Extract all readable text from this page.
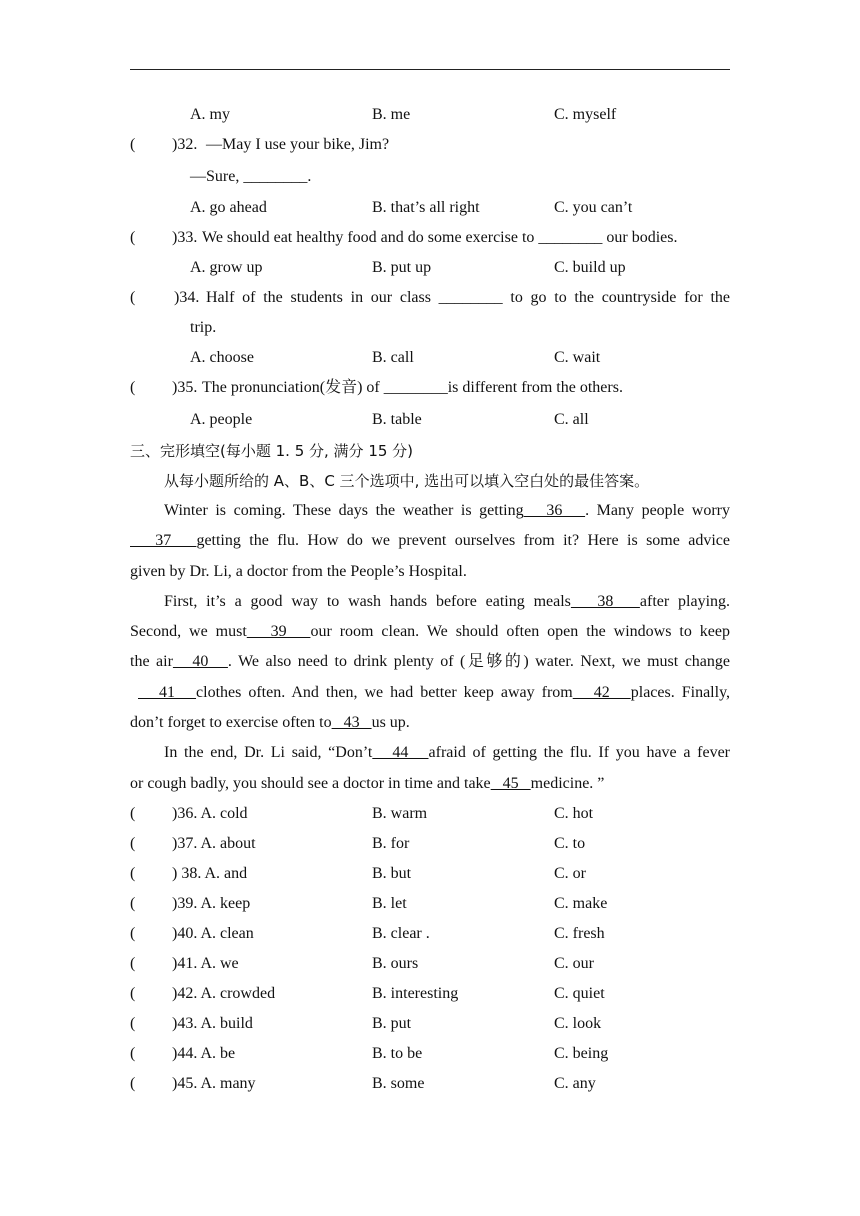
A. my	B. me	C. myself
( )32. —May I use your bike, Jim?
—Sure, ________.
A. go ahead	B. that’s all right	C. you can’t
( )33. We should eat healthy food and do some exercise to ________ our bodies.
A. grow up	B. put up	C. build up
( )34. Half of the students in our class ________ to go to the countryside for the
trip.
A. choose	B. call	C. wait
( )35. The pronunciation(发音) of ________is different from the others.
A. people	B. table	C. all
三、完形填空(每小题 1. 5 分, 满分 15 分)
从每小题所给的 A、B、C 三个选项中, 选出可以填入空白处的最佳答案。
Winter is coming. These days the weather is getting   36   . Many people worry
37   getting the flu. How do we prevent ourselves from it? Here is some advice
given by Dr. Li, a doctor from the People’s Hospital.
First, it’s a good way to wash hands before eating meals   38   after playing.
Second, we must   39   our room clean. We should often open the windows to keep
the air   40   . We also need to drink plenty of (足够的) water. Next, we must change
41   clothes often. And then, we had better keep away from   42   places. Finally,
don’t forget to exercise often to   43   us up.
In the end, Dr. Li said, “Don’t   44   afraid of getting the flu. If you have a fever
or cough badly, you should see a doctor in time and take   45   medicine. ”
( )36. A. cold	B. warm	C. hot
( )37. A. about	B. for	C. to
( ) 38. A. and	B. but	C. or
( )39. A. keep	B. let	C. make
( )40. A. clean	B. clear .	C. fresh
( )41. A. we	B. ours	C. our
( )42. A. crowded	B. interesting	C. quiet
( )43. A. build	B. put	C. look
( )44. A. be	B. to be	C. being
( )45. A. many	B. some	C. any
